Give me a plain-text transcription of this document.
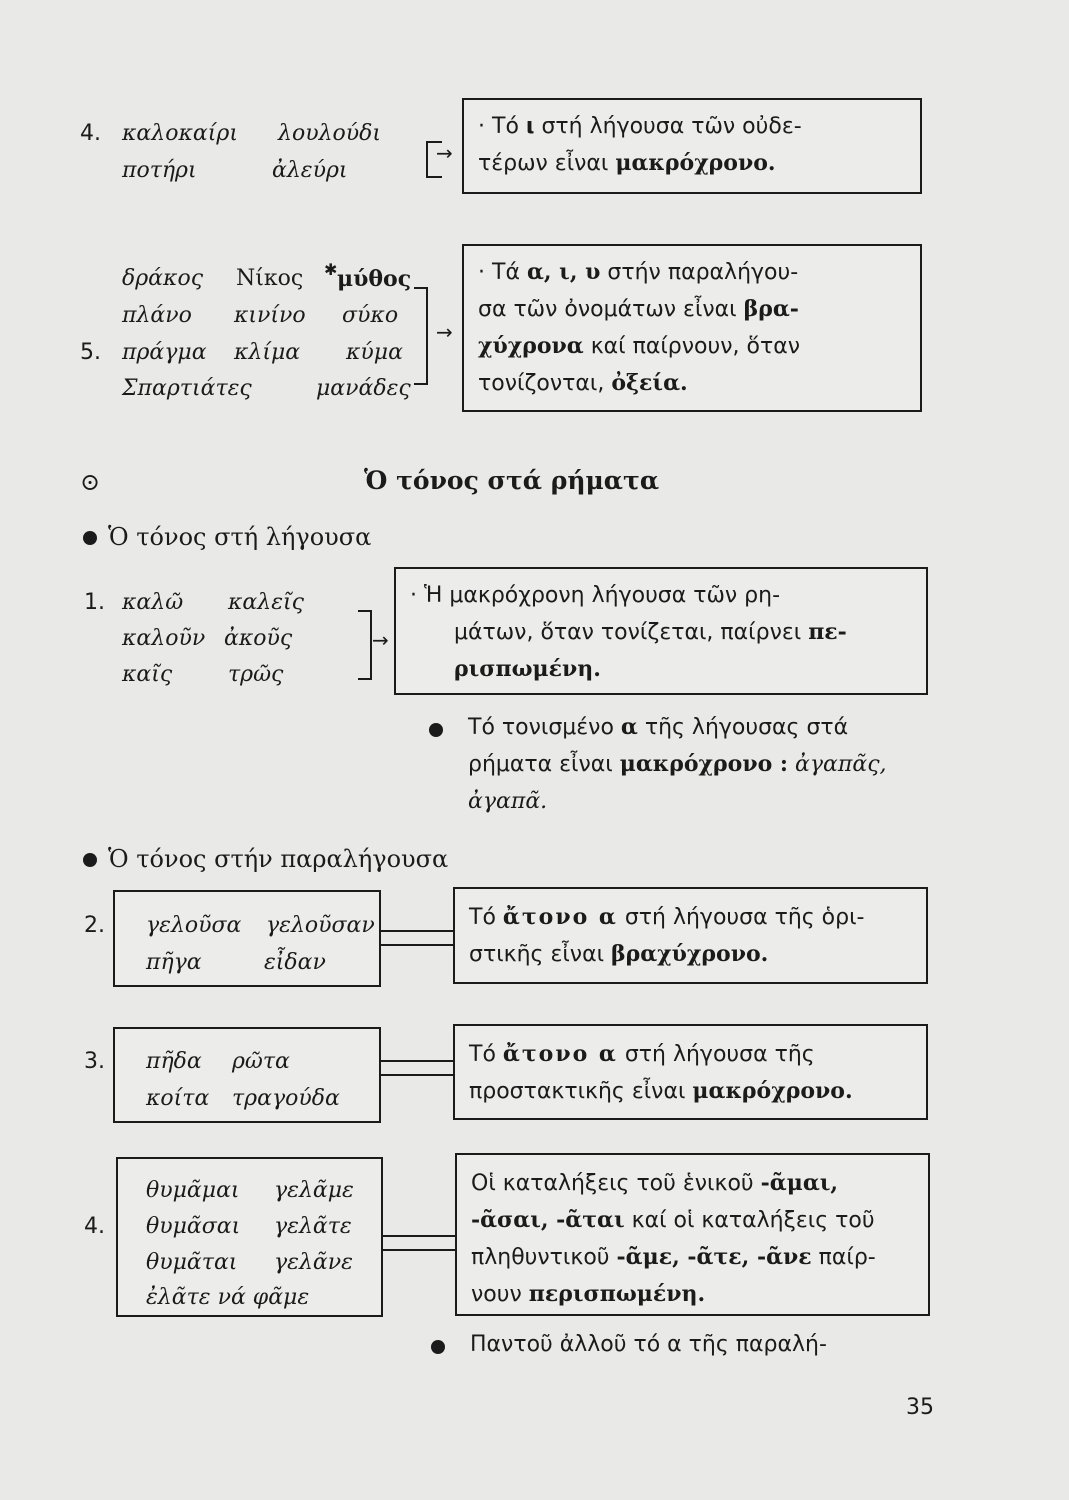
4. καλοκαίρι λουλούδι
ποτήρι	ἀλεύρι
→
· Τό ι στή λήγουσα τῶν οὐδε-
τέρων εἶναι μακρόχρονο.
δράκος Νίκος ✱ μύθος
πλάνο κινίνο σύκο
5. πράγμα κλίμα κύμα
Σπαρτιάτες	μανάδες
→
· Τά α, ι, υ στήν παραλήγου-
σα τῶν ὀνομάτων εἶναι βρα-
χύχρονα καί παίρνουν, ὅταν
τονίζονται, ὀξεία.
⊙	Ὁ τόνος στά ρήματα
Ὁ τόνος στή λήγουσα
1. καλῶ καλεῖς
καλοῦν ἀκοῦς
καῖς	τρῶς
→
· Ἡ μακρόχρονη λήγουσα τῶν ρη-
μάτων, ὅταν τονίζεται, παίρνει πε-
ρισπωμένη.
Τό τονισμένο α τῆς λήγουσας στά
ρήματα εἶναι μακρόχρονο : ἀγαπᾶς,
ἀγαπᾶ.
Ὁ τόνος στήν παραλήγουσα
2. γελοῦσα γελοῦσαν
πῆγα	εἶδαν
Τό ἄτονο α στή λήγουσα τῆς ὁρι-
στικῆς εἶναι βραχύχρονο.
3. πῆδα ρῶτα
κοίτα τραγούδα
Τό ἄτονο α στή λήγουσα τῆς
προστακτικῆς εἶναι μακρόχρονο.
4.
θυμᾶμαι γελᾶμε
θυμᾶσαι γελᾶτε
θυμᾶται γελᾶνε
ἐλᾶτε νά φᾶμε
Οἱ καταλήξεις τοῦ ἑνικοῦ -ᾶμαι,
-ᾶσαι, -ᾶται καί οἱ καταλήξεις τοῦ
πληθυντικοῦ -ᾶμε, -ᾶτε, -ᾶνε παίρ-
νουν περισπωμένη.
Παντοῦ ἀλλοῦ τό α τῆς παραλή-
35
